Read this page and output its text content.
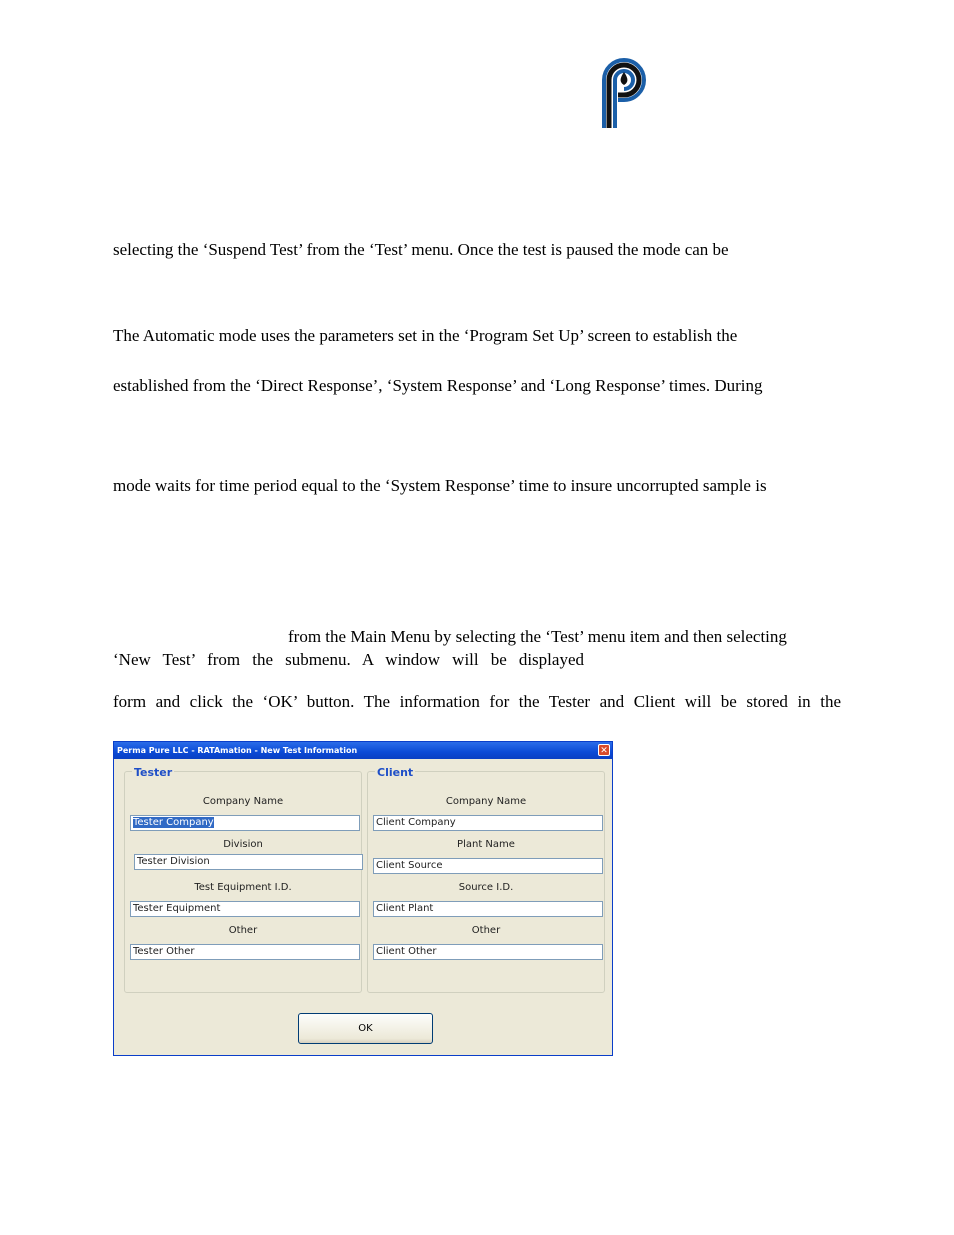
selecting the ‘Suspend Test’ from the ‘Test’ menu. Once the test is paused the mode can be

The Automatic mode uses the parameters set in the ‘Program Set Up’ screen to establish the

established from the ‘Direct Response’, ‘System Response’ and ‘Long Response’ times. During

mode waits for time period equal to the ‘System Response’ time to insure uncorrupted sample is

from the Main Menu by selecting the ‘Test’ menu item and then selecting

‘New Test’ from the submenu. A window will be displayed

form and click the ‘OK’ button. The information for the Tester and Client will be stored in the

Perma Pure LLC - RATAmation - New Test Information	✕
Tester
Company Name
Tester Company
Division
Tester Division
Test Equipment I.D.
Tester Equipment
Other
Tester Other
Client
Company Name
Client Company
Plant Name
Client Source
Source I.D.
Client Plant
Other
Client Other
OK
